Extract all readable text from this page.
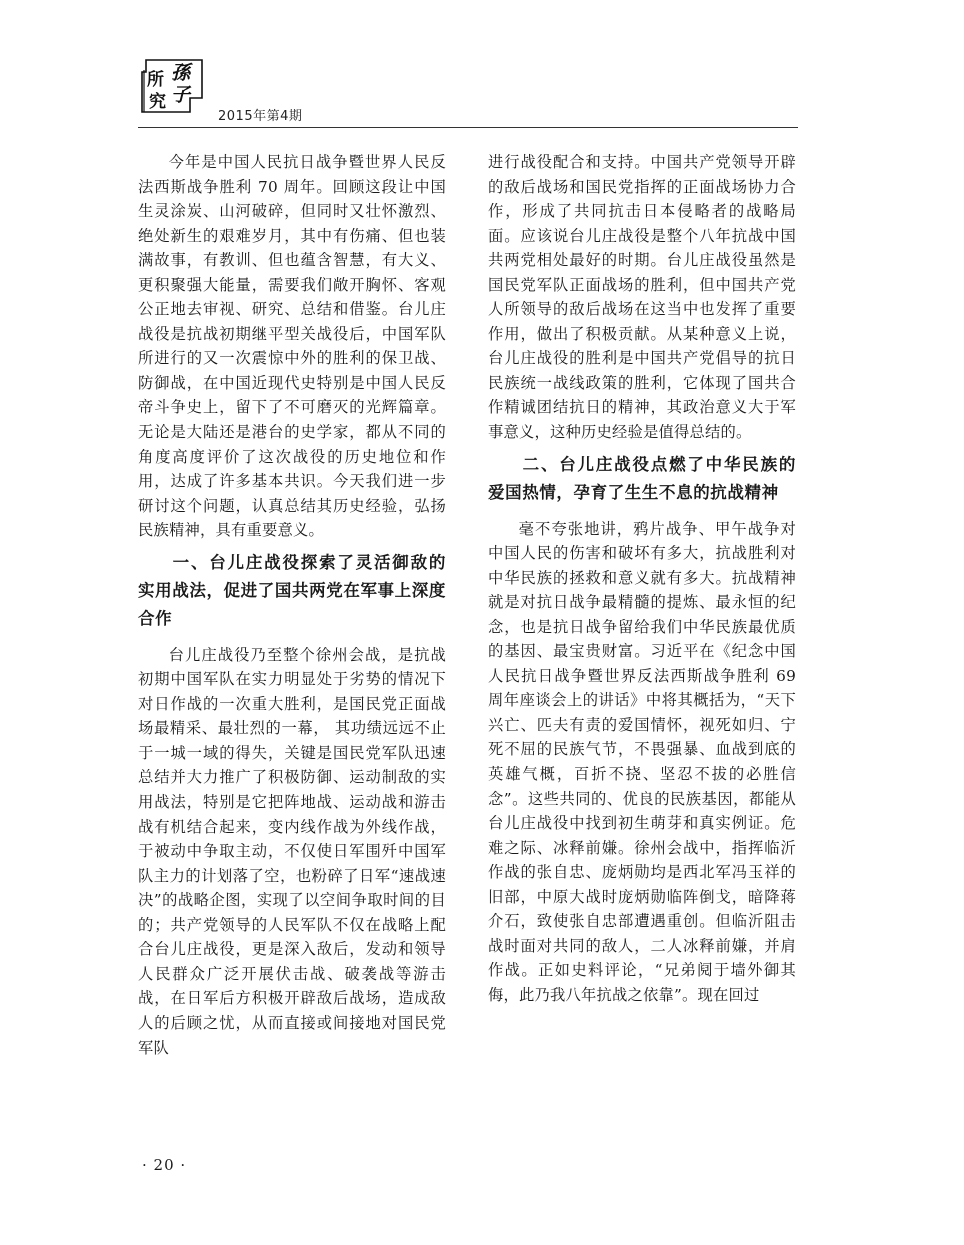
所 孫
究 子
2015年第4期

今年是中国人民抗日战争暨世界人民反法西斯战争胜利 70 周年。回顾这段让中国生灵涂炭、山河破碎，但同时又壮怀激烈、绝处新生的艰难岁月，其中有伤痛、但也装满故事，有教训、但也蕴含智慧，有大义、更积聚强大能量，需要我们敞开胸怀、客观公正地去审视、研究、总结和借鉴。台儿庄战役是抗战初期继平型关战役后，中国军队所进行的又一次震惊中外的胜利的保卫战、防御战，在中国近现代史特别是中国人民反帝斗争史上，留下了不可磨灭的光辉篇章。无论是大陆还是港台的史学家，都从不同的角度高度评价了这次战役的历史地位和作用，达成了许多基本共识。今天我们进一步研讨这个问题，认真总结其历史经验，弘扬民族精神，具有重要意义。

一、台儿庄战役探索了灵活御敌的实用战法，促进了国共两党在军事上深度合作

台儿庄战役乃至整个徐州会战，是抗战初期中国军队在实力明显处于劣势的情况下对日作战的一次重大胜利，是国民党正面战场最精采、最壮烈的一幕， 其功绩远远不止于一城一域的得失，关键是国民党军队迅速总结并大力推广了积极防御、运动制敌的实用战法，特别是它把阵地战、运动战和游击战有机结合起来，变内线作战为外线作战，于被动中争取主动，不仅使日军围歼中国军队主力的计划落了空，也粉碎了日军“速战速决”的战略企图，实现了以空间争取时间的目的；共产党领导的人民军队不仅在战略上配合台儿庄战役，更是深入敌后，发动和领导人民群众广泛开展伏击战、破袭战等游击战，在日军后方积极开辟敌后战场，造成敌人的后顾之忧，从而直接或间接地对国民党军队

进行战役配合和支持。中国共产党领导开辟的敌后战场和国民党指挥的正面战场协力合作，形成了共同抗击日本侵略者的战略局面。应该说台儿庄战役是整个八年抗战中国共两党相处最好的时期。台儿庄战役虽然是国民党军队正面战场的胜利，但中国共产党人所领导的敌后战场在这当中也发挥了重要作用，做出了积极贡献。从某种意义上说，台儿庄战役的胜利是中国共产党倡导的抗日民族统一战线政策的胜利，它体现了国共合作精诚团结抗日的精神，其政治意义大于军事意义，这种历史经验是值得总结的。

二、台儿庄战役点燃了中华民族的爱国热情，孕育了生生不息的抗战精神

毫不夸张地讲，鸦片战争、甲午战争对中国人民的伤害和破坏有多大，抗战胜利对中华民族的拯救和意义就有多大。抗战精神就是对抗日战争最精髓的提炼、最永恒的纪念，也是抗日战争留给我们中华民族最优质的基因、最宝贵财富。习近平在《纪念中国人民抗日战争暨世界反法西斯战争胜利 69 周年座谈会上的讲话》中将其概括为，“天下兴亡、匹夫有责的爱国情怀，视死如归、宁死不屈的民族气节，不畏强暴、血战到底的英雄气概，百折不挠、坚忍不拔的必胜信念”。这些共同的、优良的民族基因，都能从台儿庄战役中找到初生萌芽和真实例证。危难之际、冰释前嫌。徐州会战中，指挥临沂作战的张自忠、庞炳勋均是西北军冯玉祥的旧部，中原大战时庞炳勋临阵倒戈，暗降蒋介石，致使张自忠部遭遇重创。但临沂阻击战时面对共同的敌人，二人冰释前嫌，并肩作战。正如史料评论，“兄弟阋于墙外御其侮，此乃我八年抗战之依靠”。现在回过

· 20 ·
